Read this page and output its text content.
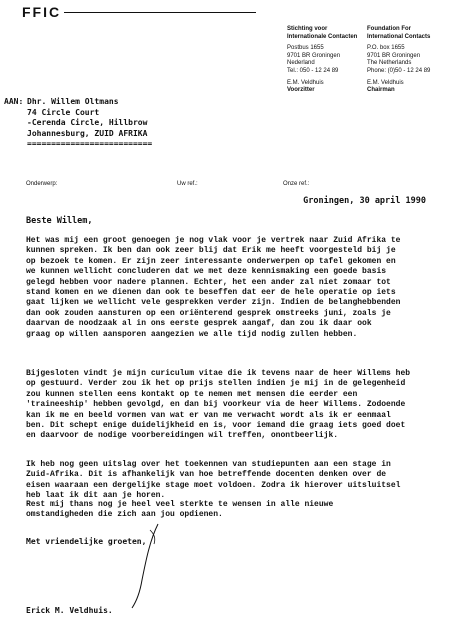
FFIC
Stichting voor
Internationale Contacten
Postbus 1655
9701 BR Groningen
Nederland
Tel.: 050 - 12 24 89
E.M. Veldhuis
Voorzitter
Foundation For
International Contacts
P.O. box 1655
9701 BR Groningen
The Netherlands
Phone: (0)50 - 12 24 89
E.M. Veldhuis
Chairman
AAN: Dhr. Willem Oltmans
74 Circle Court
-Cerenda Circle, Hillbrow
Johannesburg, ZUID AFRIKA
==========================
Onderwerp:	Uw ref.:	Onze ref.:
Groningen, 30 april 1990
Beste Willem,
Het was mij een groot genoegen je nog vlak voor je vertrek naar Zuid Afrika te
kunnen spreken. Ik ben dan ook zeer blij dat Erik me heeft voorgesteld bij je
op bezoek te komen. Er zijn zeer interessante onderwerpen op tafel gekomen en
we kunnen wellicht concluderen dat we met deze kennismaking een goede basis
gelegd hebben voor nadere plannen. Echter, het een ander zal niet zomaar tot
stand komen en we dienen dan ook te beseffen dat eer de hele operatie op iets
gaat lijken we wellicht vele gesprekken verder zijn. Indien de belanghebbenden
dan ook zouden aansturen op een oriënterend gesprek omstreeks juni, zoals je
daarvan de noodzaak al in ons eerste gesprek aangaf, dan zou ik daar ook
graag op willen aansporen aangezien we alle tijd nodig zullen hebben.
Bijgesloten vindt je mijn curiculum vitae die ik tevens naar de heer Willems heb
op gestuurd. Verder zou ik het op prijs stellen indien je mij in de gelegenheid
zou kunnen stellen eens kontakt op te nemen met mensen die eerder een
'traineeship' hebben gevolgd, en dan bij voorkeur via de heer Willems. Zodoende
kan ik me en beeld vormen van wat er van me verwacht wordt als ik er eenmaal
ben. Dit schept enige duidelijkheid en is, voor iemand die graag iets goed doet
en daarvoor de nodige voorbereidingen wil treffen, onontbeerlijk.
Ik heb nog geen uitslag over het toekennen van studiepunten aan een stage in
Zuid-Afrika. Dit is afhankelijk van hoe betreffende docenten denken over de
eisen waaraan een dergelijke stage moet voldoen. Zodra ik hierover uitsluitsel
heb laat ik dit aan je horen.
Rest mij thans nog je heel veel sterkte te wensen in alle nieuwe
omstandigheden die zich aan jou opdienen.
Met vriendelijke groeten,
Erick M. Veldhuis.
